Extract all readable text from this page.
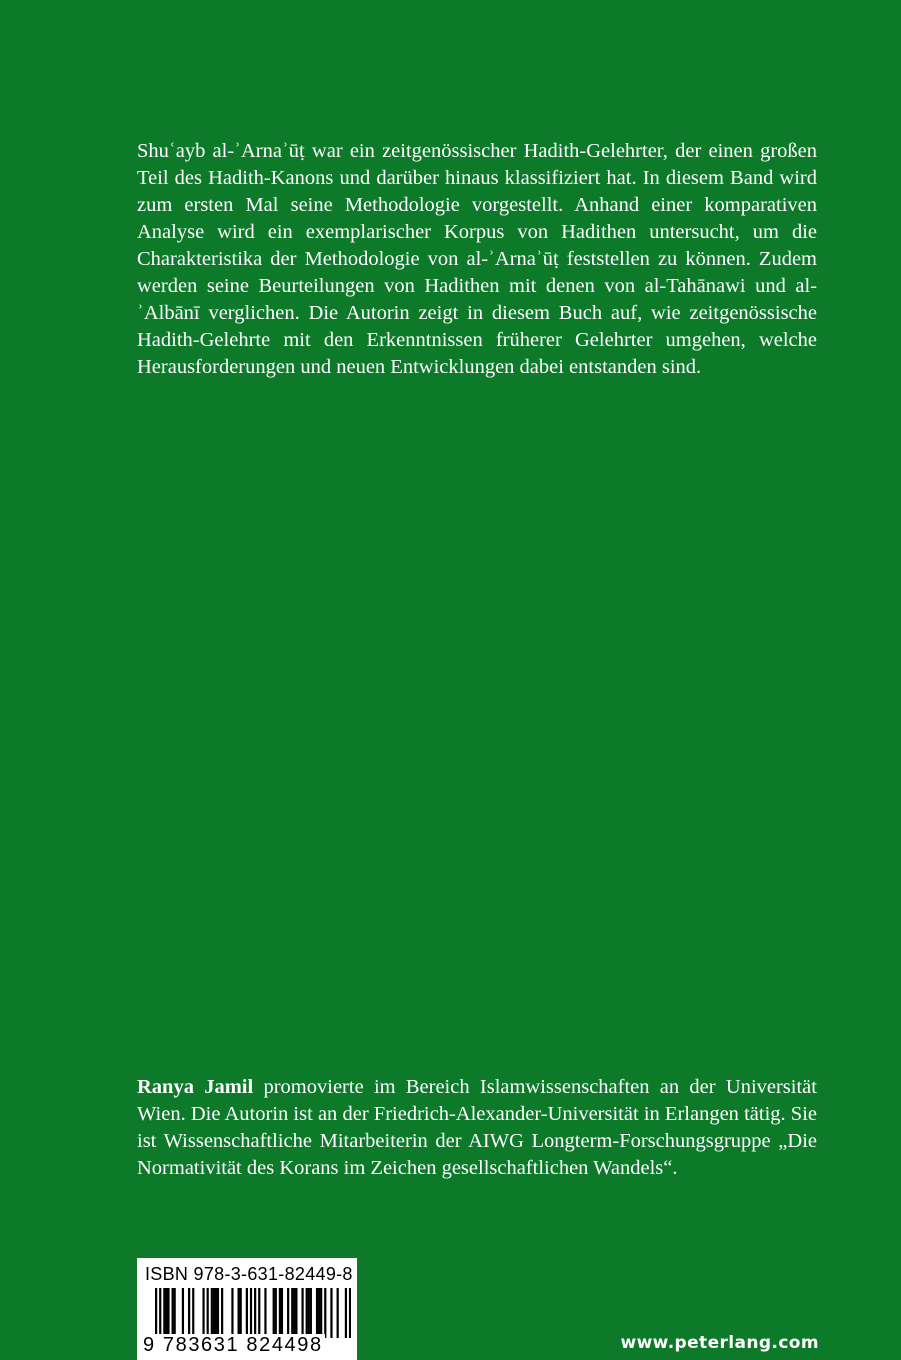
Shuʿayb al-ʾArnaʾūṭ war ein zeitgenössischer Hadith-Gelehrter, der einen großen Teil des Hadith-Kanons und darüber hinaus klassifiziert hat. In diesem Band wird zum ersten Mal seine Methodologie vorgestellt. Anhand einer komparativen Analyse wird ein exemplarischer Korpus von Hadithen untersucht, um die Charakteristika der Methodologie von al-ʾArnaʾūṭ feststellen zu können. Zudem werden seine Beurteilungen von Hadithen mit denen von al-Tahānawi und al-ʾAlbānī verglichen. Die Autorin zeigt in diesem Buch auf, wie zeitgenössische Hadith-Gelehrte mit den Erkenntnissen früherer Gelehrter umgehen, welche Herausforderungen und neuen Entwicklungen dabei entstanden sind.

Ranya Jamil promovierte im Bereich Islamwissenschaften an der Universität Wien. Die Autorin ist an der Friedrich-Alexander-Universität in Erlangen tätig. Sie ist Wissenschaftliche Mitarbeiterin der AIWG Longterm-Forschungsgruppe „Die Normativität des Korans im Zeichen gesellschaftlichen Wandels“.

ISBN 978-3-631-82449-8
9 783631 824498	www.peterlang.com
